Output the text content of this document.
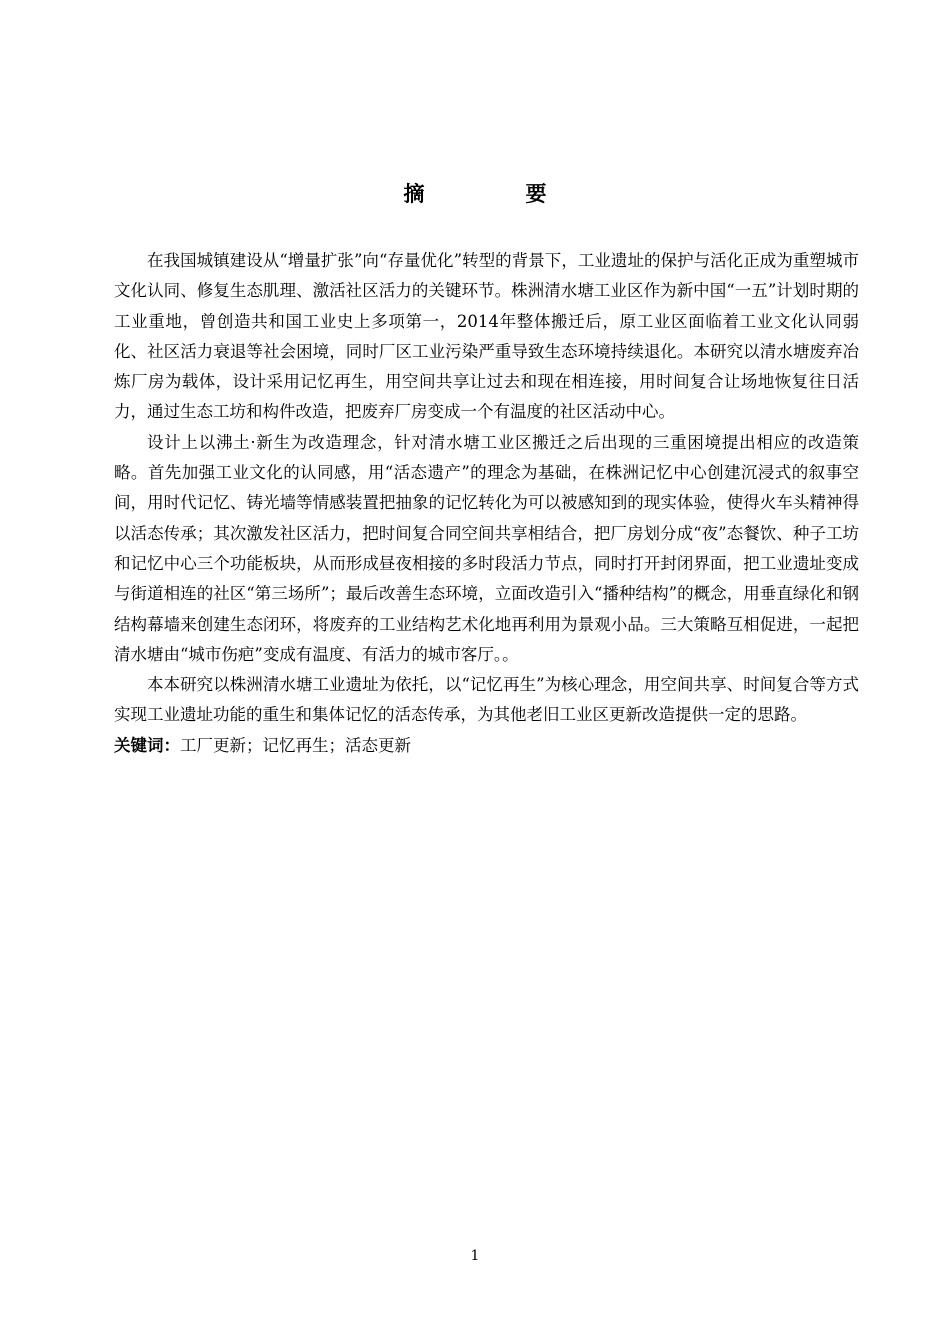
摘　要

在我国城镇建设从“增量扩张”向“存量优化”转型的背景下，工业遗址的保护与活化正成为重塑城市文化认同、修复生态肌理、激活社区活力的关键环节。株洲清水塘工业区作为新中国“一五”计划时期的工业重地，曾创造共和国工业史上多项第一，2014年整体搬迁后，原工业区面临着工业文化认同弱化、社区活力衰退等社会困境，同时厂区工业污染严重导致生态环境持续退化。本研究以清水塘废弃冶炼厂房为载体，设计采用记忆再生，用空间共享让过去和现在相连接，用时间复合让场地恢复往日活力，通过生态工坊和构件改造，把废弃厂房变成一个有温度的社区活动中心。

设计上以沸土·新生为改造理念，针对清水塘工业区搬迁之后出现的三重困境提出相应的改造策略。首先加强工业文化的认同感，用“活态遗产”的理念为基础，在株洲记忆中心创建沉浸式的叙事空间，用时代记忆、铸光墙等情感装置把抽象的记忆转化为可以被感知到的现实体验，使得火车头精神得以活态传承；其次激发社区活力，把时间复合同空间共享相结合，把厂房划分成“夜”态餐饮、种子工坊和记忆中心三个功能板块，从而形成昼夜相接的多时段活力节点，同时打开封闭界面，把工业遗址变成与街道相连的社区“第三场所”；最后改善生态环境，立面改造引入“播种结构”的概念，用垂直绿化和钢结构幕墙来创建生态闭环，将废弃的工业结构艺术化地再利用为景观小品。三大策略互相促进，一起把清水塘由“城市伤疤”变成有温度、有活力的城市客厅。。

本本研究以株洲清水塘工业遗址为依托，以“记忆再生”为核心理念，用空间共享、时间复合等方式实现工业遗址功能的重生和集体记忆的活态传承，为其他老旧工业区更新改造提供一定的思路。

关键词：工厂更新；记忆再生；活态更新

1
